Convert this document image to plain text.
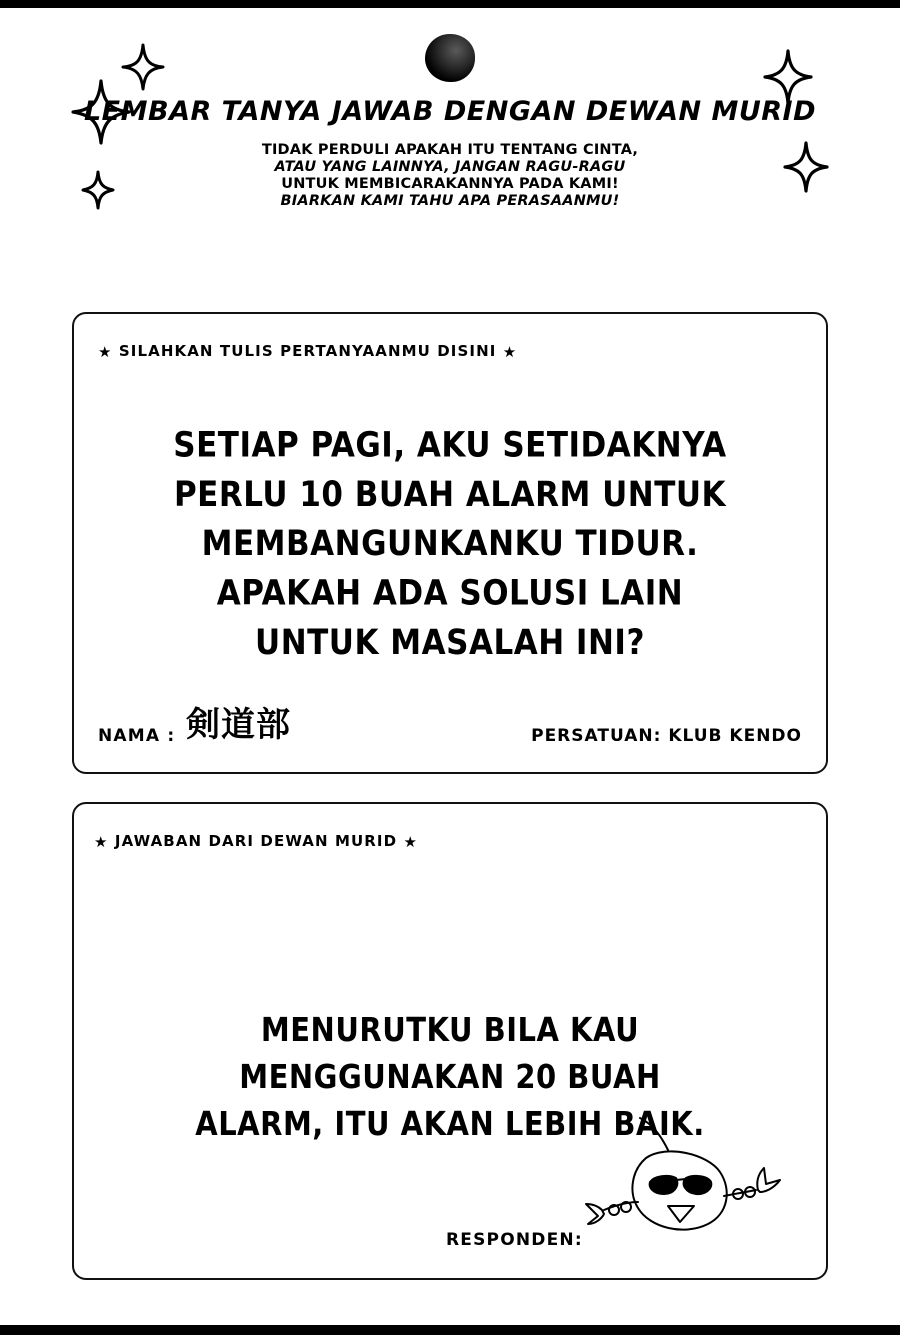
LEMBAR TANYA JAWAB DENGAN DEWAN MURID
TIDAK PERDULI APAKAH ITU TENTANG CINTA,
ATAU YANG LAINNYA, JANGAN RAGU-RAGU
UNTUK MEMBICARAKANNYA PADA KAMI!
BIARKAN KAMI TAHU APA PERASAANMU!
★ SILAHKAN TULIS PERTANYAANMU DISINI ★
SETIAP PAGI, AKU SETIDAKNYA
PERLU 10 BUAH ALARM UNTUK
MEMBANGUNKANKU TIDUR.
APAKAH ADA SOLUSI LAIN
UNTUK MASALAH INI?
NAMA : 剣道部	PERSATUAN: KLUB KENDO
★ JAWABAN DARI DEWAN MURID ★
MENURUTKU BILA KAU
MENGGUNAKAN 20 BUAH
ALARM, ITU AKAN LEBIH BAIK.
RESPONDEN:
